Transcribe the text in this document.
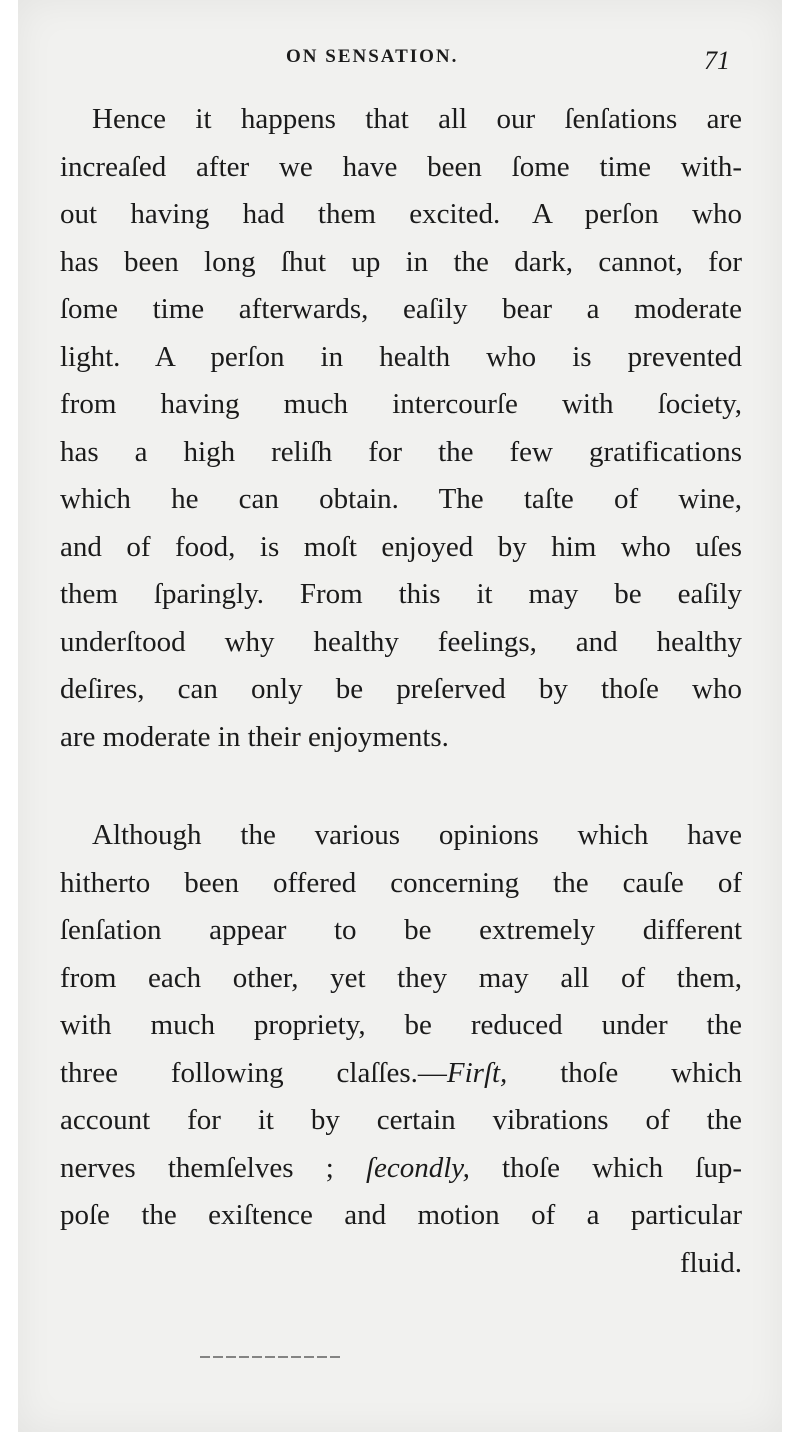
ON SENSATION.	71

Hence it happens that all our ſenſations are
increaſed after we have been ſome time with-
out having had them excited. A perſon who
has been long ſhut up in the dark, cannot, for
ſome time afterwards, eaſily bear a moderate
light. A perſon in health who is prevented
from having much intercourſe with ſociety,
has a high reliſh for the few gratifications
which he can obtain. The taſte of wine,
and of food, is moſt enjoyed by him who uſes
them ſparingly. From this it may be eaſily
underſtood why healthy feelings, and healthy
deſires, can only be preſerved by thoſe who
are moderate in their enjoyments.

Although the various opinions which have
hitherto been offered concerning the cauſe of
ſenſation appear to be extremely different
from each other, yet they may all of them,
with much propriety, be reduced under the
three following claſſes.—Firſt, thoſe which
account for it by certain vibrations of the
nerves themſelves ; ſecondly, thoſe which ſup-
poſe the exiſtence and motion of a particular
fluid.
